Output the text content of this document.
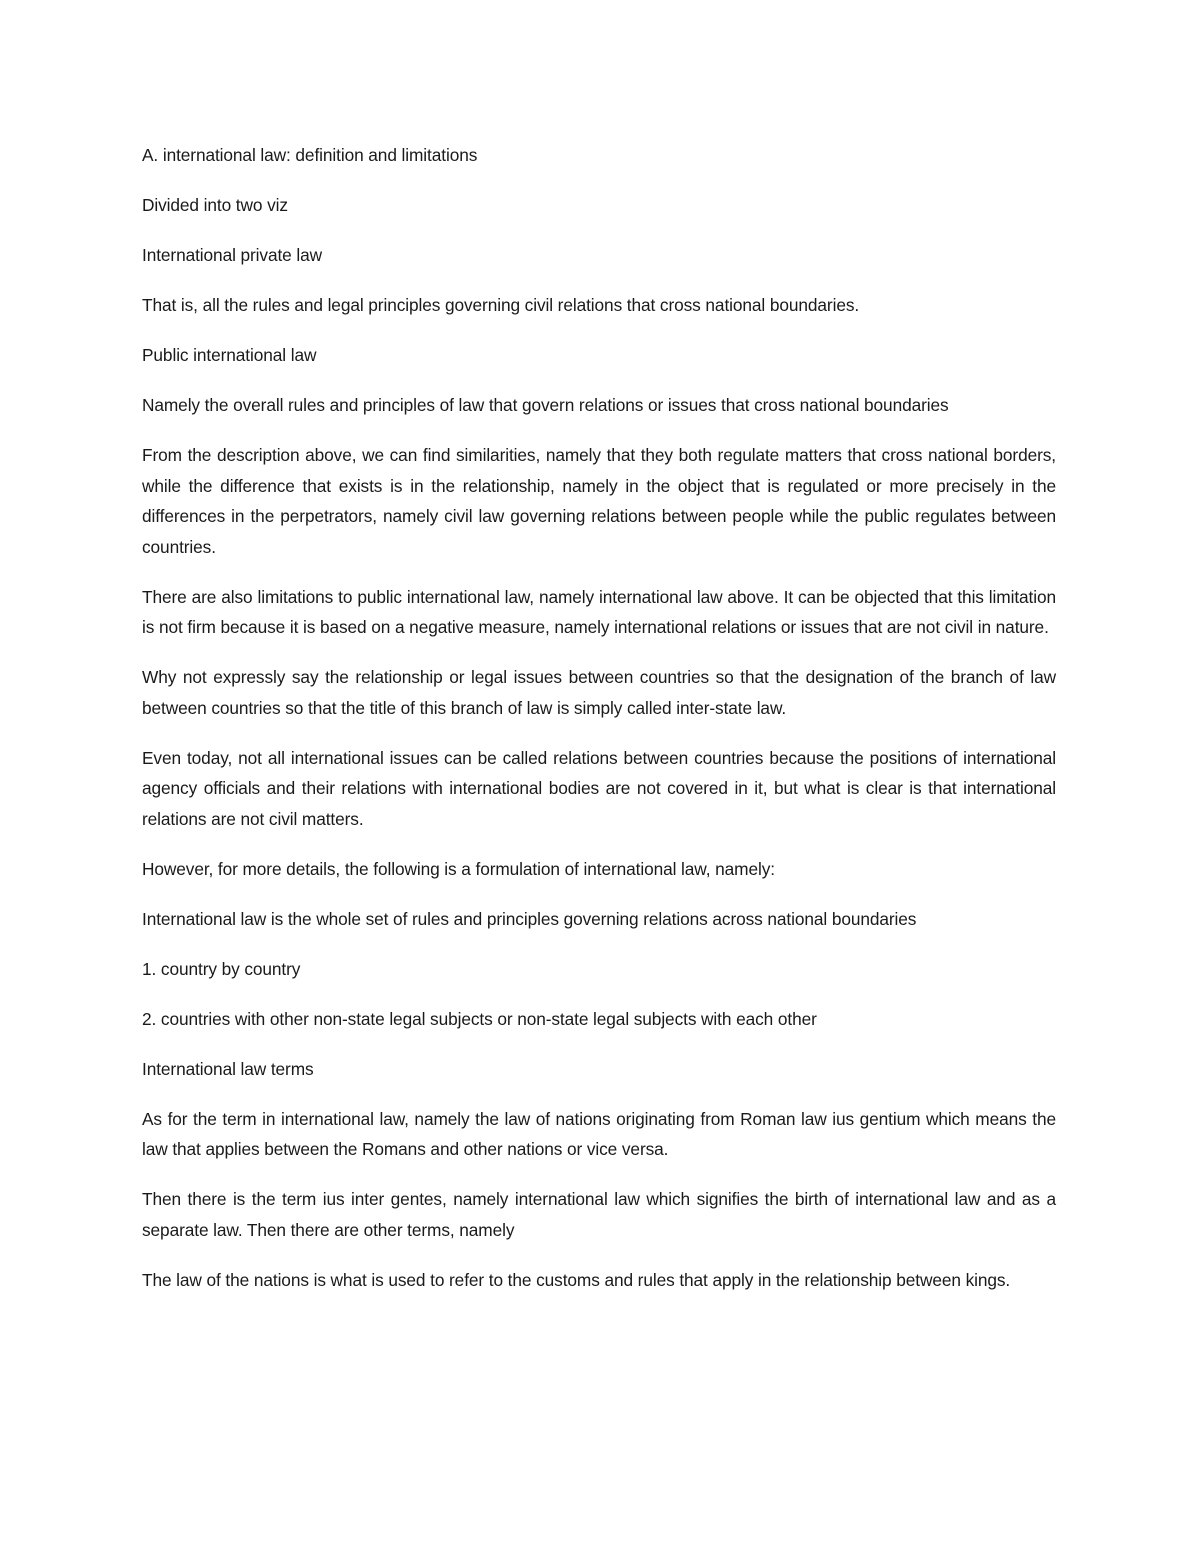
A. international law: definition and limitations

Divided into two viz

International private law

That is, all the rules and legal principles governing civil relations that cross national boundaries.

Public international law

Namely the overall rules and principles of law that govern relations or issues that cross national boundaries

From the description above, we can find similarities, namely that they both regulate matters that cross national borders, while the difference that exists is in the relationship, namely in the object that is regulated or more precisely in the differences in the perpetrators, namely civil law governing relations between people while the public regulates between countries.

There are also limitations to public international law, namely international law above. It can be objected that this limitation is not firm because it is based on a negative measure, namely international relations or issues that are not civil in nature.

Why not expressly say the relationship or legal issues between countries so that the designation of the branch of law between countries so that the title of this branch of law is simply called inter-state law.

Even today, not all international issues can be called relations between countries because the positions of international agency officials and their relations with international bodies are not covered in it, but what is clear is that international relations are not civil matters.

However, for more details, the following is a formulation of international law, namely:

International law is the whole set of rules and principles governing relations across national boundaries

1. country by country

2. countries with other non-state legal subjects or non-state legal subjects with each other

International law terms

As for the term in international law, namely the law of nations originating from Roman law ius gentium which means the law that applies between the Romans and other nations or vice versa.

Then there is the term ius inter gentes, namely international law which signifies the birth of international law and as a separate law. Then there are other terms, namely

The law of the nations is what is used to refer to the customs and rules that apply in the relationship between kings.
